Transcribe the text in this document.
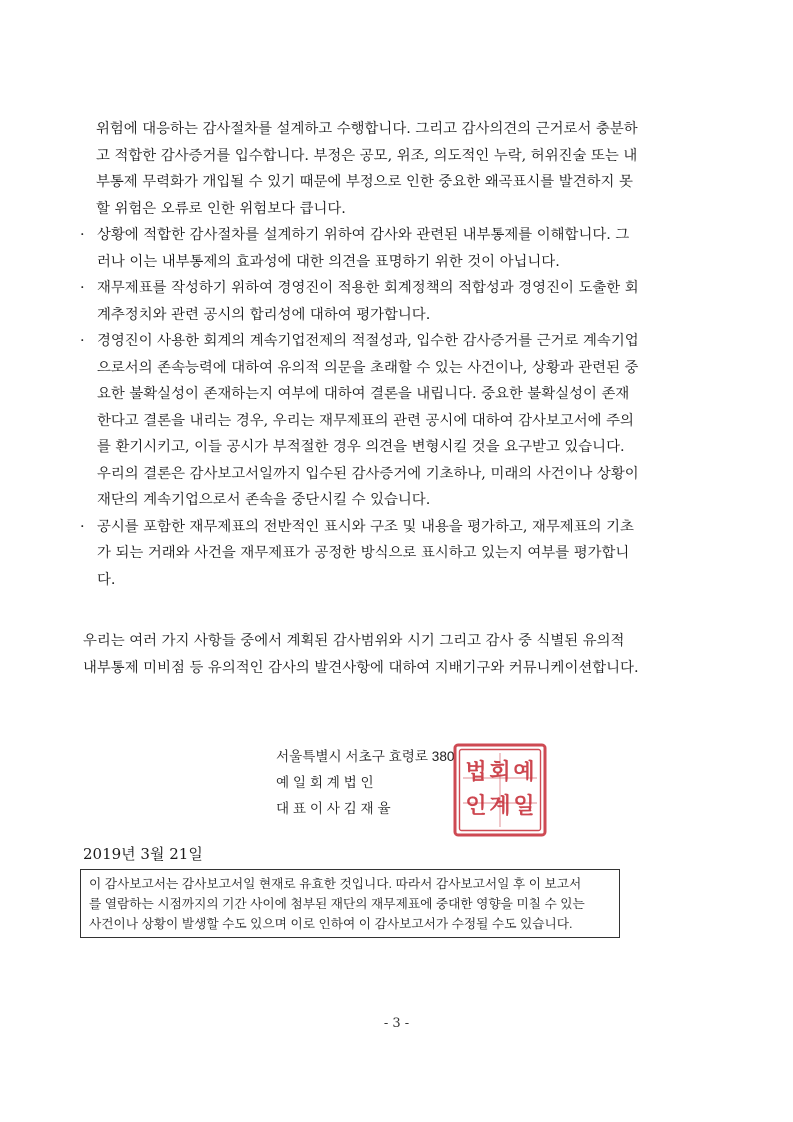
위험에 대응하는 감사절차를 설계하고 수행합니다. 그리고 감사의견의 근거로서 충분하고 적합한 감사증거를 입수합니다. 부정은 공모, 위조, 의도적인 누락, 허위진술 또는 내부통제 무력화가 개입될 수 있기 때문에 부정으로 인한 중요한 왜곡표시를 발견하지 못할 위험은 오류로 인한 위험보다 큽니다.

· 상황에 적합한 감사절차를 설계하기 위하여 감사와 관련된 내부통제를 이해합니다. 그러나 이는 내부통제의 효과성에 대한 의견을 표명하기 위한 것이 아닙니다.
· 재무제표를 작성하기 위하여 경영진이 적용한 회계정책의 적합성과 경영진이 도출한 회계추정치와 관련 공시의 합리성에 대하여 평가합니다.
· 경영진이 사용한 회계의 계속기업전제의 적절성과, 입수한 감사증거를 근거로 계속기업으로서의 존속능력에 대하여 유의적 의문을 초래할 수 있는 사건이나, 상황과 관련된 중요한 불확실성이 존재하는지 여부에 대하여 결론을 내립니다. 중요한 불확실성이 존재한다고 결론을 내리는 경우, 우리는 재무제표의 관련 공시에 대하여 감사보고서에 주의를 환기시키고, 이들 공시가 부적절한 경우 의견을 변형시킬 것을 요구받고 있습니다. 우리의 결론은 감사보고서일까지 입수된 감사증거에 기초하나, 미래의 사건이나 상황이 재단의 계속기업으로서 존속을 중단시킬 수 있습니다.
· 공시를 포함한 재무제표의 전반적인 표시와 구조 및 내용을 평가하고, 재무제표의 기초가 되는 거래와 사건을 재무제표가 공정한 방식으로 표시하고 있는지 여부를 평가합니다.

우리는 여러 가지 사항들 중에서 계획된 감사범위와 시기 그리고 감사 중 식별된 유의적 내부통제 미비점 등 유의적인 감사의 발견사항에 대하여 지배기구와 커뮤니케이션합니다.

서울특별시 서초구 효령로 380
예 일 회 계 법 인
대 표 이 사 김 재 율
예
일
회
계
법
인
2019년 3월 21일
이 감사보고서는 감사보고서일 현재로 유효한 것입니다. 따라서 감사보고서일 후 이 보고서
를 열람하는 시점까지의 기간 사이에 첨부된 재단의 재무제표에 중대한 영향을 미칠 수 있는
사건이나 상황이 발생할 수도 있으며 이로 인하여 이 감사보고서가 수정될 수도 있습니다.
- 3 -
